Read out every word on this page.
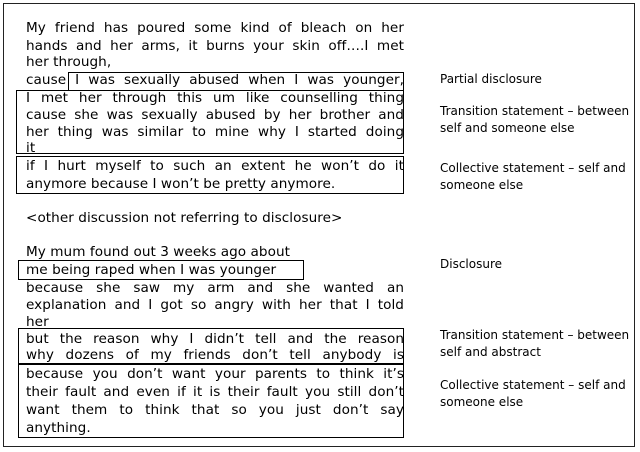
My friend has poured some kind of bleach on her
hands and her arms, it burns your skin off….I met
her through,
cause I was sexually abused when I was younger,
I met her through this um like counselling thing
cause she was sexually abused by her brother and
her thing was similar to mine why I started doing
it
if I hurt myself to such an extent he won’t do it
anymore because I won’t be pretty anymore.
<other discussion not referring to disclosure>
My mum found out 3 weeks ago about
me being raped when I was younger
because she saw my arm and she wanted an
explanation and I got so angry with her that I told
her
but the reason why I didn’t tell and the reason
why dozens of my friends don’t tell anybody is
because you don’t want your parents to think it’s
their fault and even if it is their fault you still don’t
want them to think that so you just don’t say
anything.
Partial disclosure
Transition statement – between
self and someone else
Collective statement – self and
someone else
Disclosure
Transition statement – between
self and abstract
Collective statement – self and
someone else
